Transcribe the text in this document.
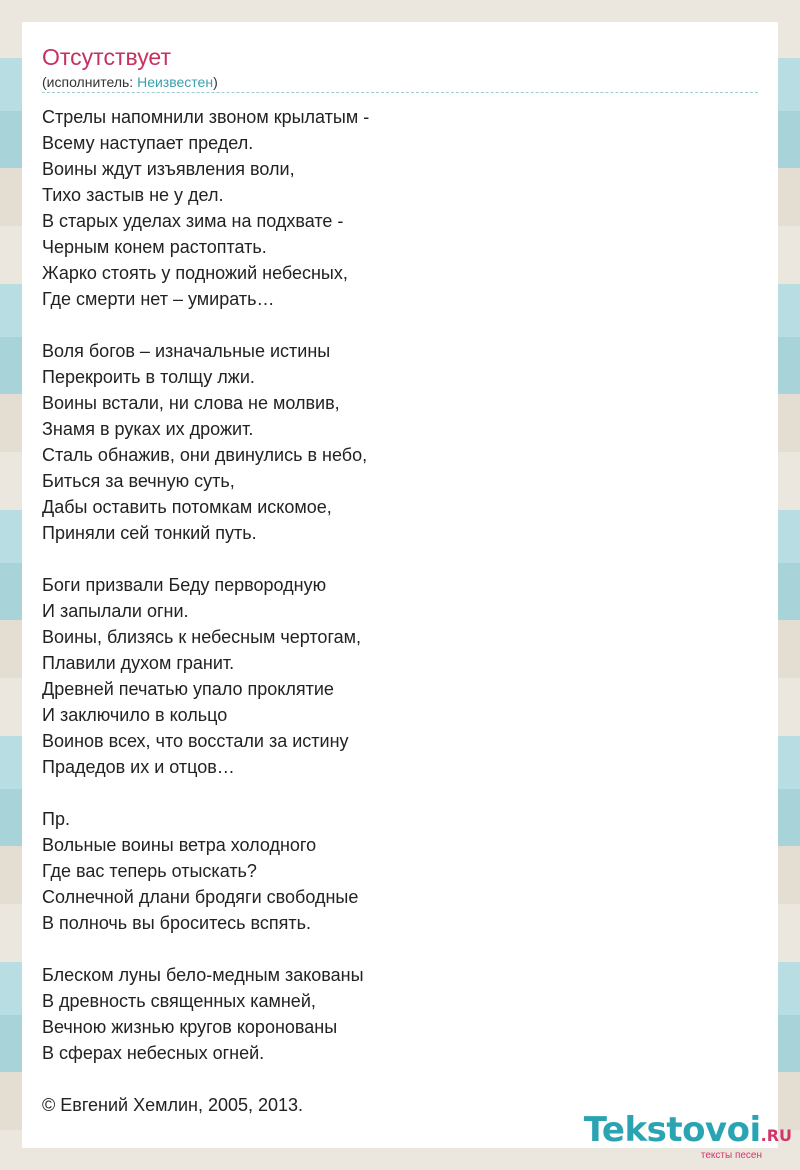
Отсутствует
(исполнитель: Неизвестен)
Стрелы напомнили звоном крылатым -
Всему наступает предел.
Воины ждут изъявления воли,
Тихо застыв не у дел.
В старых уделах зима на подхвате -
Черным конем растоптать.
Жарко стоять у подножий небесных,
Где смерти нет – умирать…
Воля богов – изначальные истины
Перекроить в толщу лжи.
Воины встали, ни слова не молвив,
Знамя в руках их дрожит.
Сталь обнажив, они двинулись в небо,
Биться за вечную суть,
Дабы оставить потомкам искомое,
Приняли сей тонкий путь.
Боги призвали Беду первородную
И запылали огни.
Воины, близясь к небесным чертогам,
Плавили духом гранит.
Древней печатью упало проклятие
И заключило в кольцо
Воинов всех, что восстали за истину
Прадедов их и отцов…
Пр.
Вольные воины ветра холодного
Где вас теперь отыскать?
Солнечной длани бродяги свободные
В полночь вы броситесь вспять.
Блеском луны бело-медным закованы
В древность священных камней,
Вечною жизнью кругов коронованы
В сферах небесных огней.
© Евгений Хемлин, 2005, 2013.
Tekstovoi.RU
тексты песен
